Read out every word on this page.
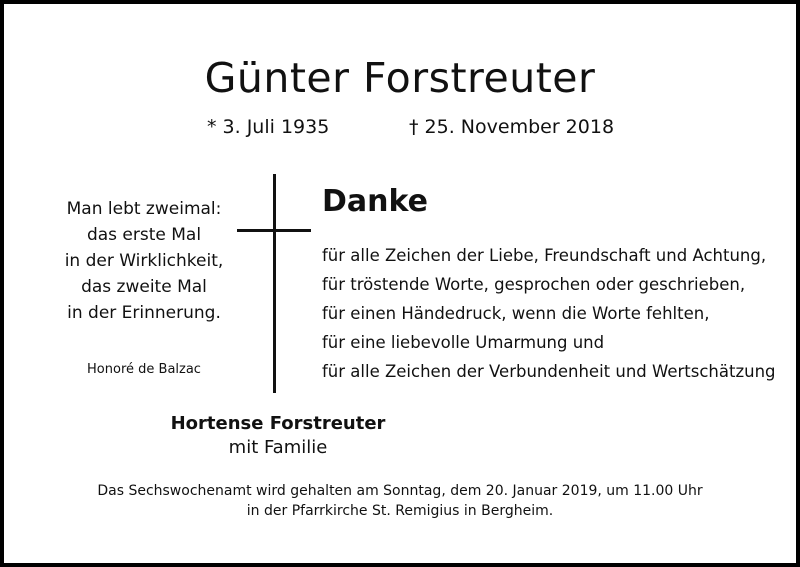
Günter Forstreuter
* 3. Juli 1935	† 25. November 2018
Man lebt zweimal:
das erste Mal
in der Wirklichkeit,
das zweite Mal
in der Erinnerung.
Honoré de Balzac
Danke
für alle Zeichen der Liebe, Freundschaft und Achtung,
für tröstende Worte, gesprochen oder geschrieben,
für einen Händedruck, wenn die Worte fehlten,
für eine liebevolle Umarmung und
für alle Zeichen der Verbundenheit und Wertschätzung
Hortense Forstreuter
mit Familie
Das Sechswochenamt wird gehalten am Sonntag, dem 20. Januar 2019, um 11.00 Uhr
in der Pfarrkirche St. Remigius in Bergheim.
